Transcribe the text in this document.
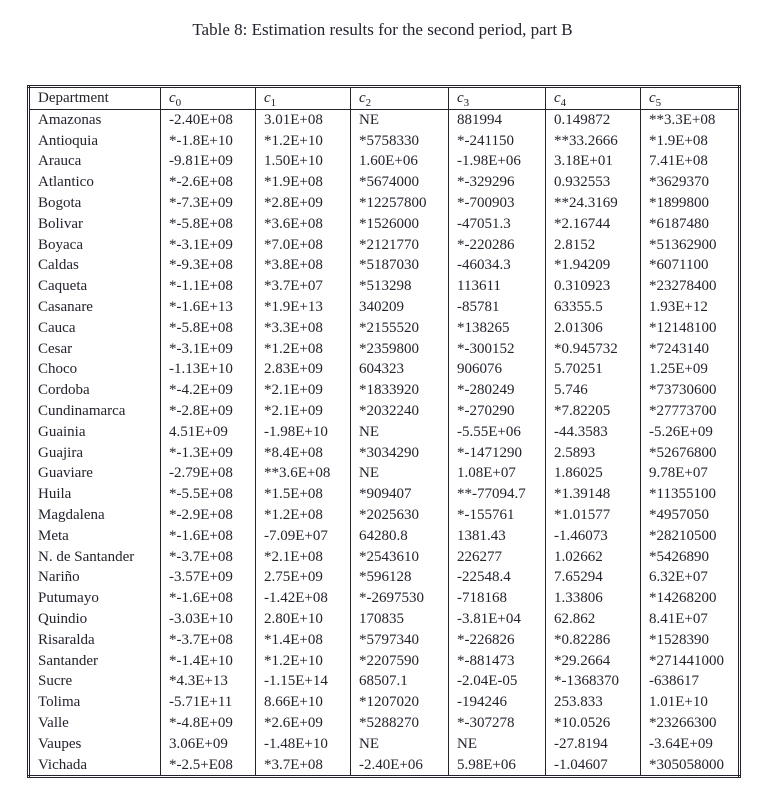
Table 8: Estimation results for the second period, part B
Department	$c_0$	$c_1$	$c_2$	$c_3$	$c_4$	$c_5$
Amazonas	-2.40E+08	3.01E+08	NE	881994	0.149872	**3.3E+08
Antioquia	*-1.8E+10	*1.2E+10	*5758330	*-241150	**33.2666	*1.9E+08
Arauca	-9.81E+09	1.50E+10	1.60E+06	-1.98E+06	3.18E+01	7.41E+08
Atlantico	*-2.6E+08	*1.9E+08	*5674000	*-329296	0.932553	*3629370
Bogota	*-7.3E+09	*2.8E+09	*12257800	*-700903	**24.3169	*1899800
Bolivar	*-5.8E+08	*3.6E+08	*1526000	-47051.3	*2.16744	*6187480
Boyaca	*-3.1E+09	*7.0E+08	*2121770	*-220286	2.8152	*51362900
Caldas	*-9.3E+08	*3.8E+08	*5187030	-46034.3	*1.94209	*6071100
Caqueta	*-1.1E+08	*3.7E+07	*513298	113611	0.310923	*23278400
Casanare	*-1.6E+13	*1.9E+13	340209	-85781	63355.5	1.93E+12
Cauca	*-5.8E+08	*3.3E+08	*2155520	*138265	2.01306	*12148100
Cesar	*-3.1E+09	*1.2E+08	*2359800	*-300152	*0.945732	*7243140
Choco	-1.13E+10	2.83E+09	604323	906076	5.70251	1.25E+09
Cordoba	*-4.2E+09	*2.1E+09	*1833920	*-280249	5.746	*73730600
Cundinamarca	*-2.8E+09	*2.1E+09	*2032240	*-270290	*7.82205	*27773700
Guainia	4.51E+09	-1.98E+10	NE	-5.55E+06	-44.3583	-5.26E+09
Guajira	*-1.3E+09	*8.4E+08	*3034290	*-1471290	2.5893	*52676800
Guaviare	-2.79E+08	**3.6E+08	NE	1.08E+07	1.86025	9.78E+07
Huila	*-5.5E+08	*1.5E+08	*909407	**-77094.7	*1.39148	*11355100
Magdalena	*-2.9E+08	*1.2E+08	*2025630	*-155761	*1.01577	*4957050
Meta	*-1.6E+08	-7.09E+07	64280.8	1381.43	-1.46073	*28210500
N. de Santander	*-3.7E+08	*2.1E+08	*2543610	226277	1.02662	*5426890
Nariño	-3.57E+09	2.75E+09	*596128	-22548.4	7.65294	6.32E+07
Putumayo	*-1.6E+08	-1.42E+08	*-2697530	-718168	1.33806	*14268200
Quindio	-3.03E+10	2.80E+10	170835	-3.81E+04	62.862	8.41E+07
Risaralda	*-3.7E+08	*1.4E+08	*5797340	*-226826	*0.82286	*1528390
Santander	*-1.4E+10	*1.2E+10	*2207590	*-881473	*29.2664	*271441000
Sucre	*4.3E+13	-1.15E+14	68507.1	-2.04E-05	*-1368370	-638617
Tolima	-5.71E+11	8.66E+10	*1207020	-194246	253.833	1.01E+10
Valle	*-4.8E+09	*2.6E+09	*5288270	*-307278	*10.0526	*23266300
Vaupes	3.06E+09	-1.48E+10	NE	NE	-27.8194	-3.64E+09
Vichada	*-2.5+E08	*3.7E+08	-2.40E+06	5.98E+06	-1.04607	*305058000
